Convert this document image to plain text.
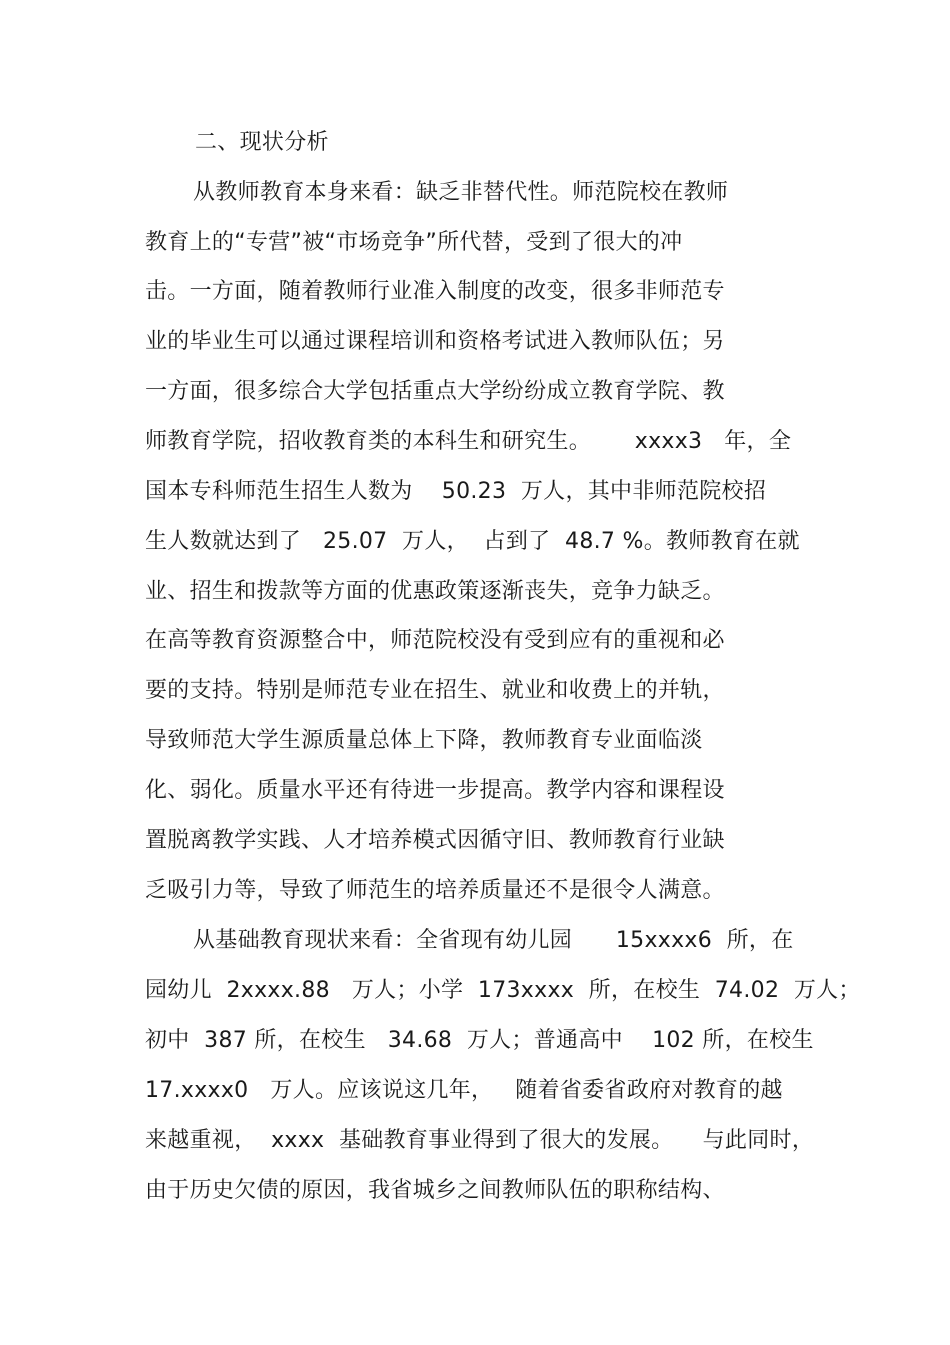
二、现状分析
从教师教育本身来看：缺乏非替代性。师范院校在教师
教育上的“专营”被“市场竞争”所代替，受到了很大的冲
击。一方面，随着教师行业准入制度的改变，很多非师范专
业的毕业生可以通过课程培训和资格考试进入教师队伍；另
一方面，很多综合大学包括重点大学纷纷成立教育学院、教
师教育学院，招收教育类的本科生和研究生。      xxxx3   年，全
国本专科师范生招生人数为    50.23  万人，其中非师范院校招
生人数就达到了   25.07  万人，  占到了  48.7 %。教师教育在就
业、招生和拨款等方面的优惠政策逐渐丧失，竞争力缺乏。
在高等教育资源整合中，师范院校没有受到应有的重视和必
要的支持。特别是师范专业在招生、就业和收费上的并轨，
导致师范大学生源质量总体上下降，教师教育专业面临淡
化、弱化。质量水平还有待进一步提高。教学内容和课程设
置脱离教学实践、人才培养模式因循守旧、教师教育行业缺
乏吸引力等，导致了师范生的培养质量还不是很令人满意。
从基础教育现状来看：全省现有幼儿园      15xxxx6  所，在
园幼儿  2xxxx.88   万人；小学  173xxxx  所，在校生  74.02  万人；
初中  387 所，在校生   34.68  万人；普通高中    102 所，在校生
17.xxxx0   万人。应该说这几年，   随着省委省政府对教育的越
来越重视，  xxxx  基础教育事业得到了很大的发展。    与此同时，
由于历史欠债的原因，我省城乡之间教师队伍的职称结构、
